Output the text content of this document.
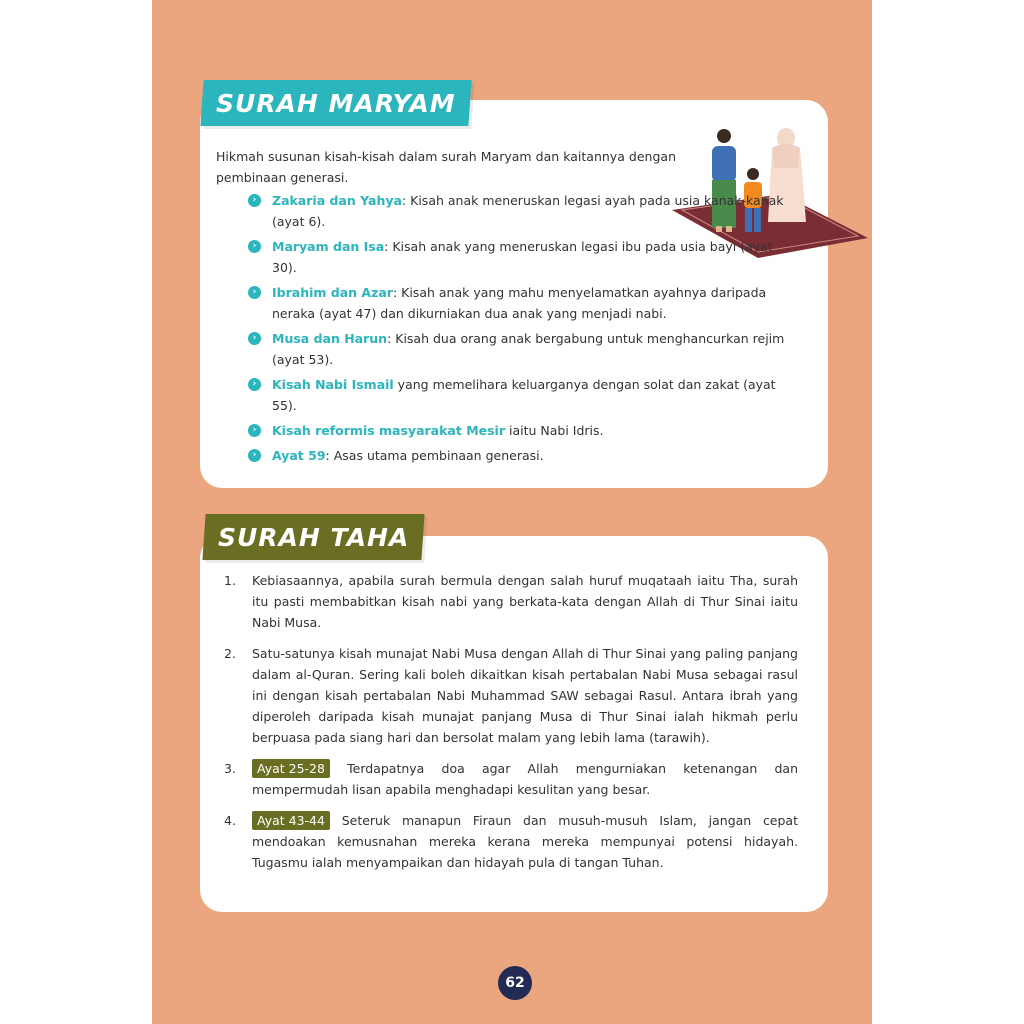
SURAH MARYAM

Hikmah susunan kisah-kisah dalam surah Maryam dan kaitannya dengan pembinaan generasi.

›	Zakaria dan Yahya: Kisah anak meneruskan legasi ayah pada usia kanak-kanak (ayat 6).
›	Maryam dan Isa: Kisah anak yang meneruskan legasi ibu pada usia bayi (ayat 30).
›	Ibrahim dan Azar: Kisah anak yang mahu menyelamatkan ayahnya daripada neraka (ayat 47) dan dikurniakan dua anak yang menjadi nabi.
›	Musa dan Harun: Kisah dua orang anak bergabung untuk menghancurkan rejim (ayat 53).
›	Kisah Nabi Ismail yang memelihara keluarganya dengan solat dan zakat (ayat 55).
›	Kisah reformis masyarakat Mesir iaitu Nabi Idris.
›	Ayat 59: Asas utama pembinaan generasi.
SURAH TAHA
1. Kebiasaannya, apabila surah bermula dengan salah huruf muqataah iaitu Tha, surah itu pasti membabitkan kisah nabi yang berkata-kata dengan Allah di Thur Sinai iaitu Nabi Musa.
2. Satu-satunya kisah munajat Nabi Musa dengan Allah di Thur Sinai yang paling panjang dalam al-Quran. Sering kali boleh dikaitkan kisah pertabalan Nabi Musa sebagai rasul ini dengan kisah pertabalan Nabi Muhammad SAW sebagai Rasul. Antara ibrah yang diperoleh daripada kisah munajat panjang Musa di Thur Sinai ialah hikmah perlu berpuasa pada siang hari dan bersolat malam yang lebih lama (tarawih).
3. Ayat 25-28 Terdapatnya doa agar Allah mengurniakan ketenangan dan mempermudah lisan apabila menghadapi kesulitan yang besar.
4. Ayat 43-44 Seteruk manapun Firaun dan musuh-musuh Islam, jangan cepat mendoakan kemusnahan mereka kerana mereka mempunyai potensi hidayah. Tugasmu ialah menyampaikan dan hidayah pula di tangan Tuhan.
62
